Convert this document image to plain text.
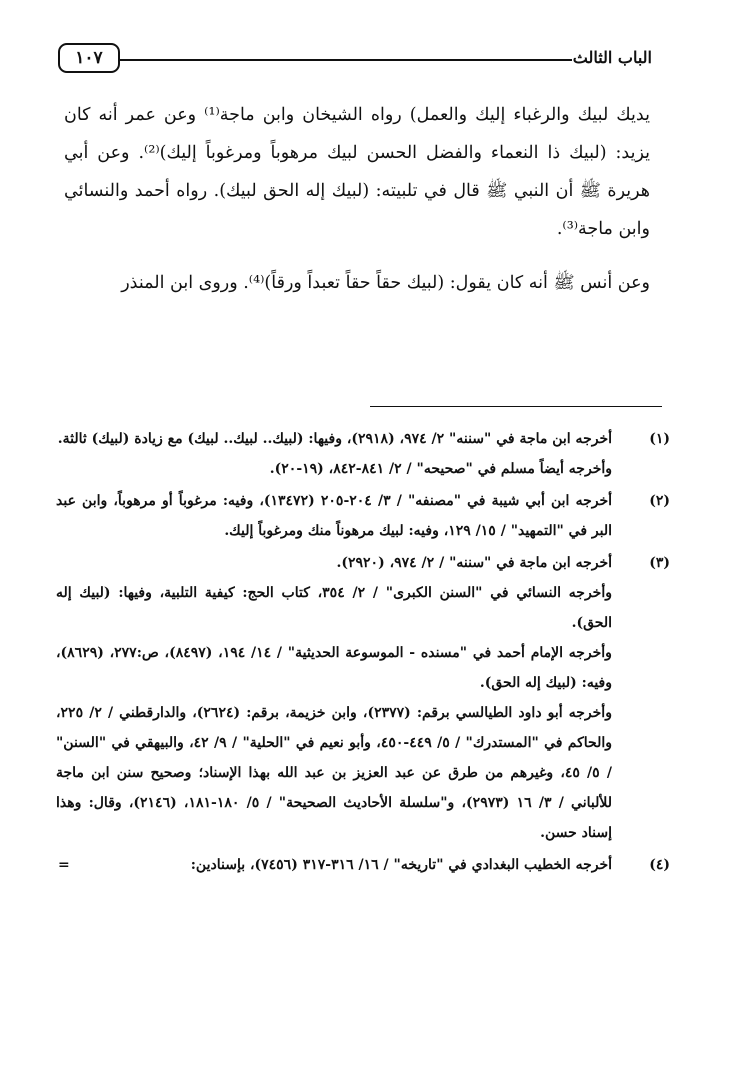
الباب الثالث
١٠٧

يديك لبيك والرغباء إليك والعمل) رواه الشيخان وابن ماجة⁽¹⁾ وعن عمر أنه كان يزيد: (لبيك ذا النعماء والفضل الحسن لبيك مرهوباً ومرغوباً إليك)⁽²⁾. وعن أبي هريرة ﷺ أن النبي ﷺ قال في تلبيته: (لبيك إله الحق لبيك). رواه أحمد والنسائي وابن ماجة⁽³⁾.

وعن أنس ﷺ أنه كان يقول: (لبيك حقاً حقاً تعبداً ورقاً)⁽⁴⁾. وروى ابن المنذر

(١)

أخرجه ابن ماجة في "سننه" ٢/ ٩٧٤، (٢٩١٨)، وفيها: (لبيك.. لبيك.. لبيك) مع زيادة (لبيك) ثالثة.

وأخرجه أيضاً مسلم في "صحيحه" / ٢/ ٨٤١-٨٤٢، (١٩-٢٠).

(٢)

أخرجه ابن أبي شيبة في "مصنفه" / ٣/ ٢٠٤-٢٠٥ (١٣٤٧٢)، وفيه: مرغوباً أو مرهوباً، وابن عبد البر في "التمهيد" / ١٥/ ١٢٩، وفيه: لبيك مرهوناً منك ومرغوباً إليك.

(٣)

أخرجه ابن ماجة في "سننه" / ٢/ ٩٧٤، (٢٩٢٠).

وأخرجه النسائي في "السنن الكبرى" / ٢/ ٣٥٤، كتاب الحج: كيفية التلبية، وفيها: (لبيك إله الحق).

وأخرجه الإمام أحمد في "مسنده - الموسوعة الحديثية" / ١٤/ ١٩٤، (٨٤٩٧)، ص:٢٧٧، (٨٦٢٩)، وفيه: (لبيك إله الحق).

وأخرجه أبو داود الطيالسي برقم: (٢٣٧٧)، وابن خزيمة، برقم: (٢٦٢٤)، والدارقطني / ٢/ ٢٢٥، والحاكم في "المستدرك" / ٥/ ٤٤٩-٤٥٠، وأبو نعيم في "الحلية" / ٩/ ٤٢، والبيهقي في "السنن" / ٥/ ٤٥، وغيرهم من طرق عن عبد العزيز بن عبد الله بهذا الإسناد؛ وصحيح سنن ابن ماجة للألباني / ٣/ ١٦ (٢٩٧٣)، و"سلسلة الأحاديث الصحيحة" / ٥/ ١٨٠-١٨١، (٢١٤٦)، وقال: وهذا إسناد حسن.

(٤)

أخرجه الخطيب البغدادي في "تاريخه" / ١٦/ ٣١٦-٣١٧ (٧٤٥٦)، بإسنادين:

=
